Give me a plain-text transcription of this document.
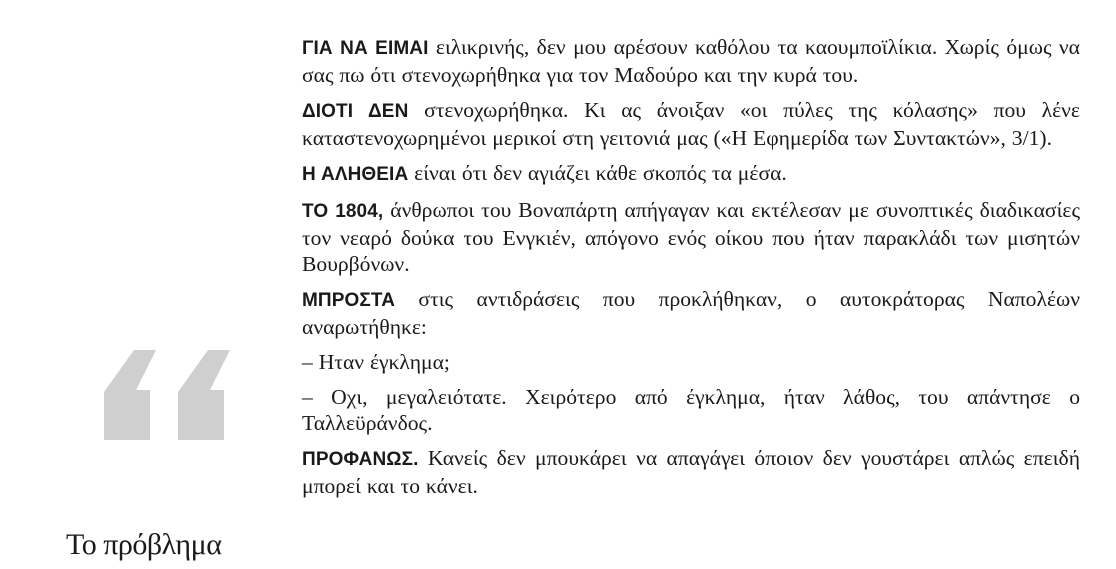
Το πρόβλημα

ΓΙΑ ΝΑ ΕΙΜΑΙ ειλικρινής, δεν μου αρέσουν καθόλου τα καουμποϊλίκια. Χωρίς όμως να σας πω ότι στενοχωρήθηκα για τον Μαδούρο και την κυρά του.

ΔΙΟΤΙ ΔΕΝ στενοχωρήθηκα. Κι ας άνοιξαν «οι πύλες της κόλασης» που λένε καταστενοχωρημένοι μερικοί στη γειτονιά μας («Η Εφημερίδα των Συντακτών», 3/1).

Η ΑΛΗΘΕΙΑ είναι ότι δεν αγιάζει κάθε σκοπός τα μέσα.

ΤΟ 1804, άνθρωποι του Βοναπάρτη απήγαγαν και εκτέλεσαν με συνοπτικές διαδικασίες τον νεαρό δούκα του Ενγκιέν, απόγονο ενός οίκου που ήταν παρακλάδι των μισητών Βουρβόνων.

ΜΠΡΟΣΤΑ στις αντιδράσεις που προκλήθηκαν, ο αυτοκράτορας Ναπολέων αναρωτήθηκε:

– Ηταν έγκλημα;

– Οχι, μεγαλειότατε. Χειρότερο από έγκλημα, ήταν λάθος, του απάντησε ο Ταλλεϋράνδος.

ΠΡΟΦΑΝΩΣ. Κανείς δεν μπουκάρει να απαγάγει όποιον δεν γουστάρει απλώς επειδή μπορεί και το κάνει.
